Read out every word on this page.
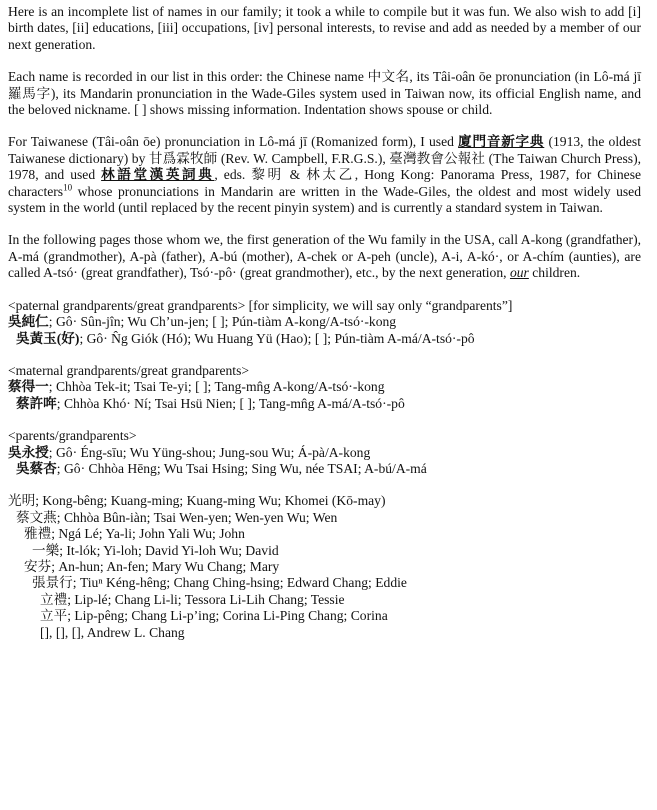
Here is an incomplete list of names in our family; it took a while to compile but it was fun. We also wish to add [i] birth dates, [ii] educations, [iii] occupations, [iv] personal interests, to revise and add as needed by a member of our next generation.

Each name is recorded in our list in this order: the Chinese name 中文名, its Tâi-oân ōe pronunciation (in Lô-má jī 羅馬字), its Mandarin pronunciation in the Wade-Giles system used in Taiwan now, its official English name, and the beloved nickname. [ ] shows missing information. Indentation shows spouse or child.

For Taiwanese (Tâi-oân ōe) pronunciation in Lô-má jī (Romanized form), I used 廈門音新字典 (1913, the oldest Taiwanese dictionary) by 甘爲霖牧師 (Rev. W. Campbell, F.R.G.S.), 臺灣教會公報社 (The Taiwan Church Press), 1978, and used 林語堂漢英詞典, eds. 黎明 & 林太乙, Hong Kong: Panorama Press, 1987, for Chinese characters$^{10}$ whose pronunciations in Mandarin are written in the Wade-Giles, the oldest and most widely used system in the world (until replaced by the recent pinyin system) and is currently a standard system in Taiwan.

In the following pages those whom we, the first generation of the Wu family in the USA, call A-kong (grandfather), A-má (grandmother), A-pà (father), A-bú (mother), A-chek or A-peh (uncle), A-i, A-kó·, or A-chím (aunties), are called A-tsó· (great grandfather), Tsó·-pô· (great grandmother), etc., by the next generation, our children.

<paternal grandparents/great grandparents> [for simplicity, we will say only “grandparents”]
吳純仁; Gô· Sûn-jîn; Wu Ch’un-jen; [ ]; Pún-tiàm A-kong/A-tsó·-kong
吳黃玉(好); Gô· N̂g Giók (Hó); Wu Huang Yü (Hao); [ ]; Pún-tiàm A-má/A-tsó·-pô
<maternal grandparents/great grandparents>
蔡得一; Chhòa Tek-it; Tsai Te-yi; [ ]; Tang-mn̂g A-kong/A-tsó·-kong
蔡許哖; Chhòa Khó· Ní; Tsai Hsü Nien; [ ]; Tang-mn̂g A-má/A-tsó·-pô
<parents/grandparents>
吳永授; Gô· Éng-sīu; Wu Yüng-shou; Jung-sou Wu; Á-pà/A-kong
吳蔡杏; Gô· Chhòa Hēng; Wu Tsai Hsing; Sing Wu, née TSAI; A-bú/A-má
光明; Kong-bêng; Kuang-ming; Kuang-ming Wu; Khomei (Kō-may)
蔡文燕; Chhòa Bûn-iàn; Tsai Wen-yen; Wen-yen Wu; Wen
雅禮; Ngá Lé; Ya-li; John Yali Wu; John
一樂; It-lók; Yi-loh; David Yi-loh Wu; David
安芬; An-hun; An-fen; Mary Wu Chang; Mary
張景行; Tiuⁿ Kéng-hêng; Chang Ching-hsing; Edward Chang; Eddie
立禮; Lip-lé; Chang Li-li; Tessora Li-Lih Chang; Tessie
立平; Lip-pêng; Chang Li-p’ing; Corina Li-Ping Chang; Corina
[], [], [], Andrew L. Chang
